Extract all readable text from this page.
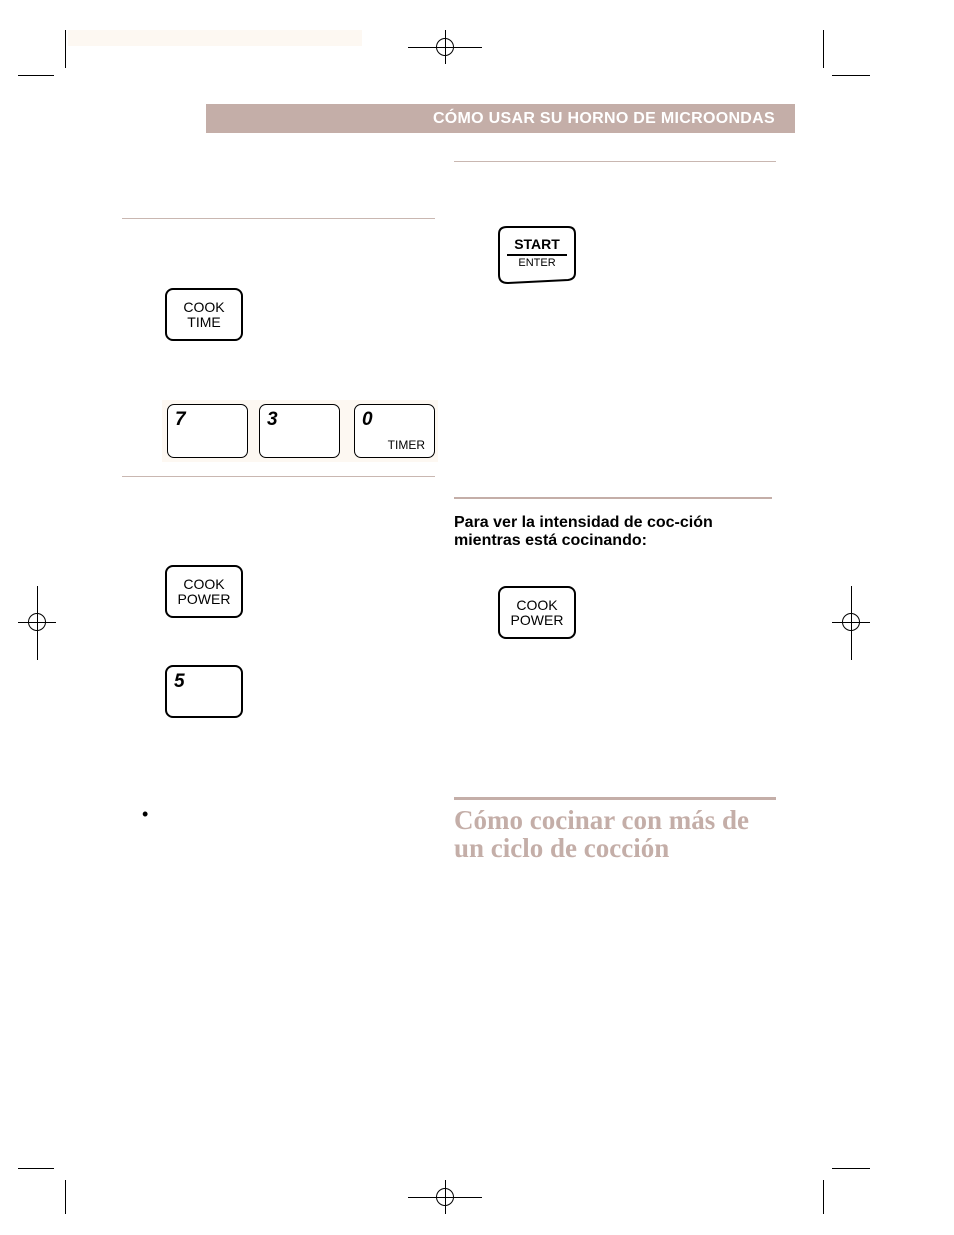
CÓMO USAR SU HORNO DE MICROONDAS
COOK
TIME
7	3	0
TIMER
COOK
POWER
5
•
START
ENTER
Para ver la intensidad de coc-ción mientras está cocinando:
COOK
POWER
Cómo cocinar con más de un ciclo de cocción
